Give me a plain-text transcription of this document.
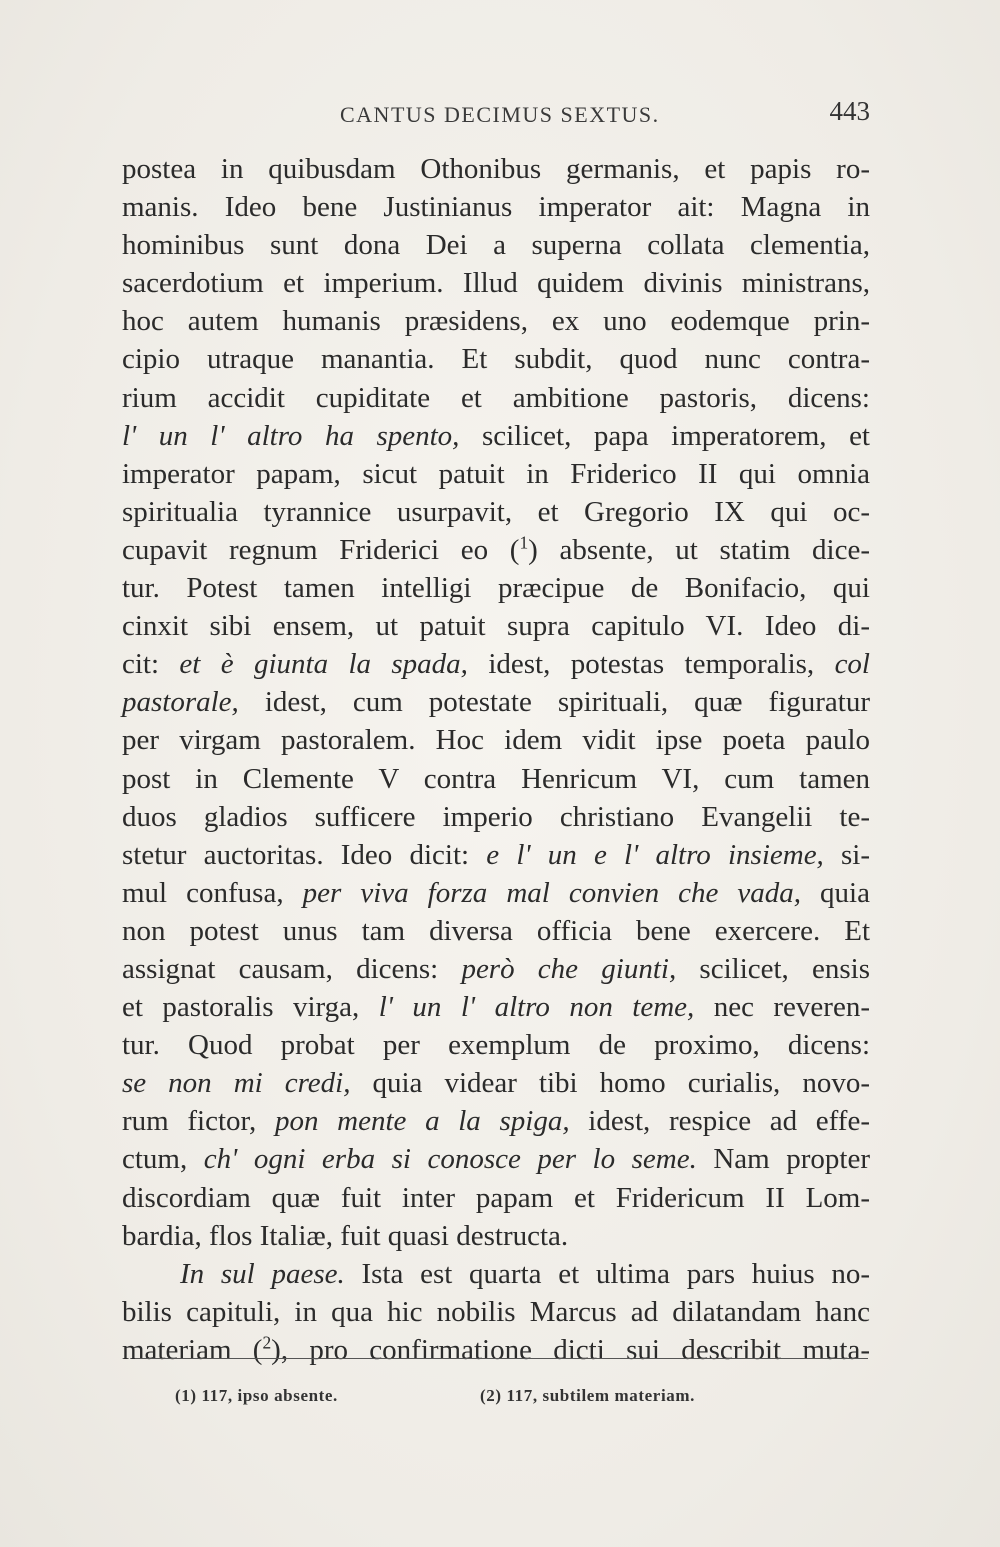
CANTUS DECIMUS SEXTUS.	443
postea in quibusdam Othonibus germanis, et papis ro-
manis. Ideo bene Justinianus imperator ait: Magna in
hominibus sunt dona Dei a superna collata clementia,
sacerdotium et imperium. Illud quidem divinis ministrans,
hoc autem humanis præsidens, ex uno eodemque prin-
cipio utraque manantia. Et subdit, quod nunc contra-
rium accidit cupiditate et ambitione pastoris, dicens:
l' un l' altro ha spento, scilicet, papa imperatorem, et
imperator papam, sicut patuit in Friderico II qui omnia
spiritualia tyrannice usurpavit, et Gregorio IX qui oc-
cupavit regnum Friderici eo ($^1$) absente, ut statim dice-
tur. Potest tamen intelligi præcipue de Bonifacio, qui
cinxit sibi ensem, ut patuit supra capitulo VI. Ideo di-
cit: et è giunta la spada, idest, potestas temporalis, col
pastorale, idest, cum potestate spirituali, quæ figuratur
per virgam pastoralem. Hoc idem vidit ipse poeta paulo
post in Clemente V contra Henricum VI, cum tamen
duos gladios sufficere imperio christiano Evangelii te-
stetur auctoritas. Ideo dicit: e l' un e l' altro insieme, si-
mul confusa, per viva forza mal convien che vada, quia
non potest unus tam diversa officia bene exercere. Et
assignat causam, dicens: però che giunti, scilicet, ensis
et pastoralis virga, l' un l' altro non teme, nec reveren-
tur. Quod probat per exemplum de proximo, dicens:
se non mi credi, quia videar tibi homo curialis, novo-
rum fictor, pon mente a la spiga, idest, respice ad effe-
ctum, ch' ogni erba si conosce per lo seme. Nam propter
discordiam quæ fuit inter papam et Fridericum II Lom-
bardia, flos Italiæ, fuit quasi destructa.
In sul paese. Ista est quarta et ultima pars huius no-
bilis capituli, in qua hic nobilis Marcus ad dilatandam hanc
materiam ($^2$), pro confirmatione dicti sui describit muta-
(1) 117, ipso absente.	(2) 117, subtilem materiam.
